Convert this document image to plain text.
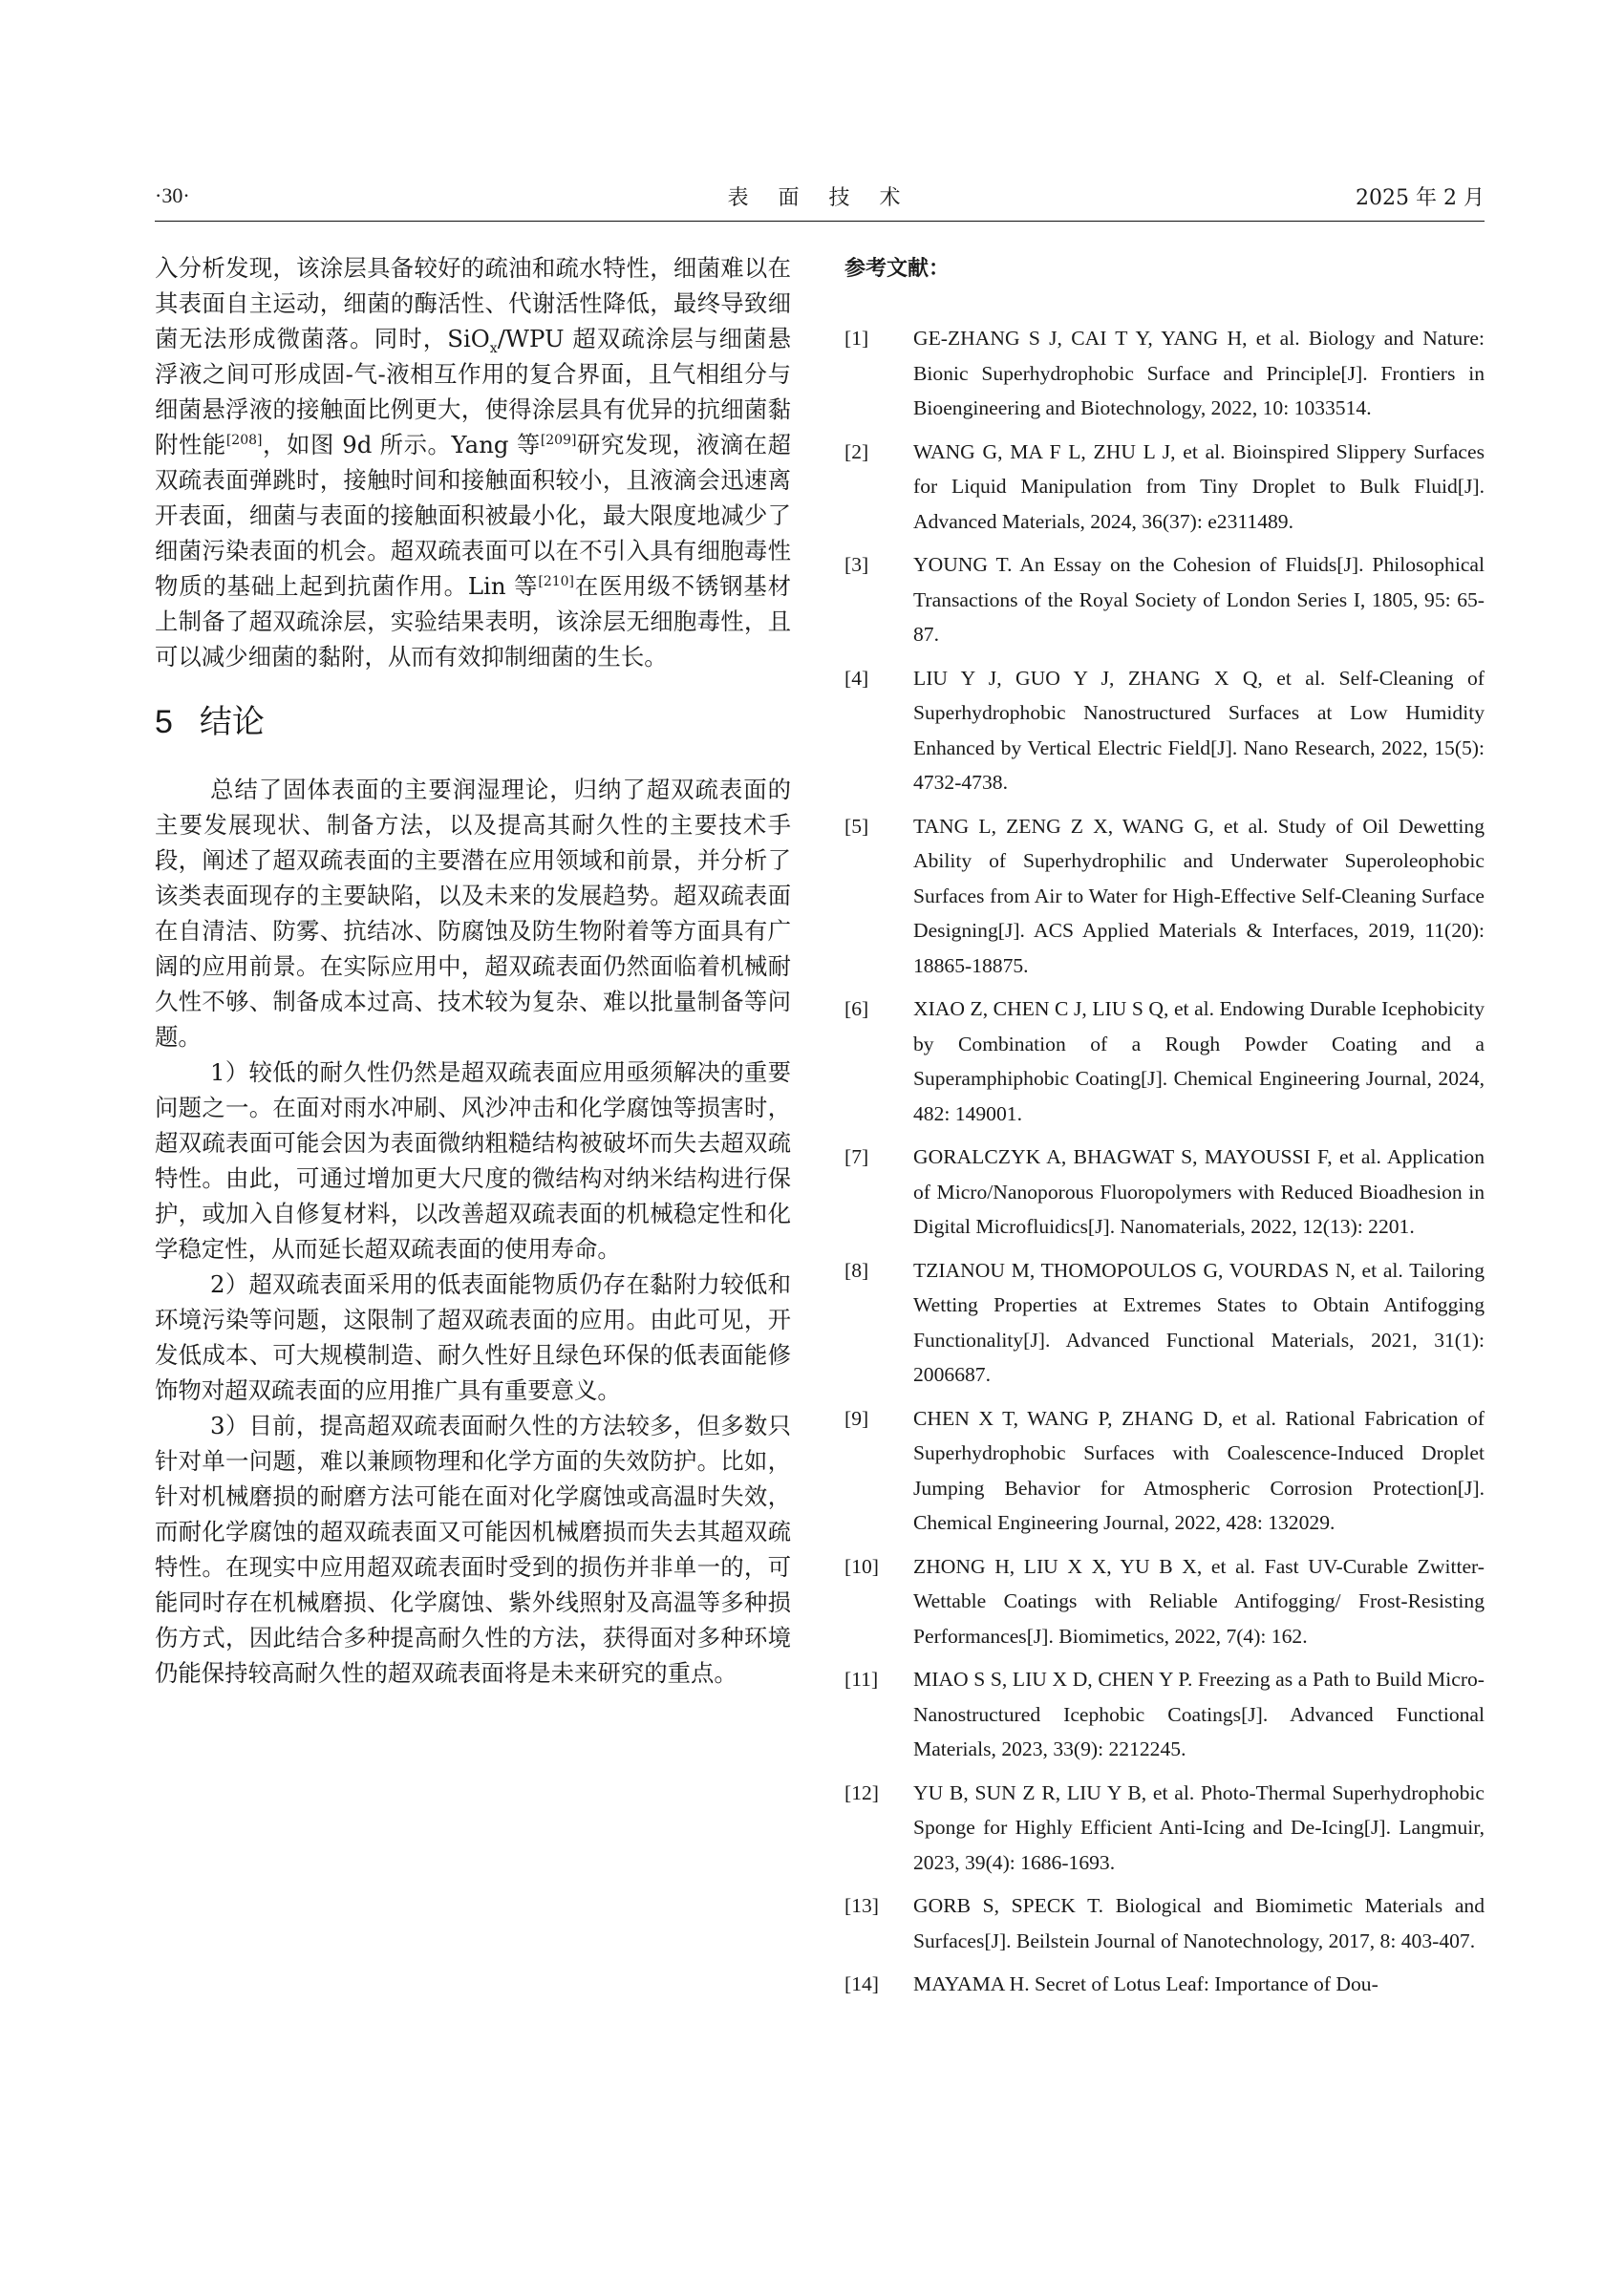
·30·	表 面 技 术	2025 年 2 月

入分析发现，该涂层具备较好的疏油和疏水特性，细菌难以在其表面自主运动，细菌的酶活性、代谢活性降低，最终导致细菌无法形成微菌落。同时，SiO$_x$/WPU 超双疏涂层与细菌悬浮液之间可形成固-气-液相互作用的复合界面，且气相组分与细菌悬浮液的接触面比例更大，使得涂层具有优异的抗细菌黏附性能[208]，如图 9d 所示。Yang 等[209]研究发现，液滴在超双疏表面弹跳时，接触时间和接触面积较小，且液滴会迅速离开表面，细菌与表面的接触面积被最小化，最大限度地减少了细菌污染表面的机会。超双疏表面可以在不引入具有细胞毒性物质的基础上起到抗菌作用。Lin 等[210]在医用级不锈钢基材上制备了超双疏涂层，实验结果表明，该涂层无细胞毒性，且可以减少细菌的黏附，从而有效抑制细菌的生长。

5 结论

总结了固体表面的主要润湿理论，归纳了超双疏表面的主要发展现状、制备方法，以及提高其耐久性的主要技术手段，阐述了超双疏表面的主要潜在应用领域和前景，并分析了该类表面现存的主要缺陷，以及未来的发展趋势。超双疏表面在自清洁、防雾、抗结冰、防腐蚀及防生物附着等方面具有广阔的应用前景。在实际应用中，超双疏表面仍然面临着机械耐久性不够、制备成本过高、技术较为复杂、难以批量制备等问题。

1）较低的耐久性仍然是超双疏表面应用亟须解决的重要问题之一。在面对雨水冲刷、风沙冲击和化学腐蚀等损害时，超双疏表面可能会因为表面微纳粗糙结构被破坏而失去超双疏特性。由此，可通过增加更大尺度的微结构对纳米结构进行保护，或加入自修复材料，以改善超双疏表面的机械稳定性和化学稳定性，从而延长超双疏表面的使用寿命。

2）超双疏表面采用的低表面能物质仍存在黏附力较低和环境污染等问题，这限制了超双疏表面的应用。由此可见，开发低成本、可大规模制造、耐久性好且绿色环保的低表面能修饰物对超双疏表面的应用推广具有重要意义。

3）目前，提高超双疏表面耐久性的方法较多，但多数只针对单一问题，难以兼顾物理和化学方面的失效防护。比如，针对机械磨损的耐磨方法可能在面对化学腐蚀或高温时失效，而耐化学腐蚀的超双疏表面又可能因机械磨损而失去其超双疏特性。在现实中应用超双疏表面时受到的损伤并非单一的，可能同时存在机械磨损、化学腐蚀、紫外线照射及高温等多种损伤方式，因此结合多种提高耐久性的方法，获得面对多种环境仍能保持较高耐久性的超双疏表面将是未来研究的重点。

参考文献：
[1] GE-ZHANG S J, CAI T Y, YANG H, et al. Biology and Nature: Bionic Superhydrophobic Surface and Principle[J]. Frontiers in Bioengineering and Biotechnology, 2022, 10: 1033514.
[2] WANG G, MA F L, ZHU L J, et al. Bioinspired Slippery Surfaces for Liquid Manipulation from Tiny Droplet to Bulk Fluid[J]. Advanced Materials, 2024, 36(37): e2311489.
[3] YOUNG T. An Essay on the Cohesion of Fluids[J]. Philosophical Transactions of the Royal Society of London Series I, 1805, 95: 65-87.
[4] LIU Y J, GUO Y J, ZHANG X Q, et al. Self-Cleaning of Superhydrophobic Nanostructured Surfaces at Low Humidity Enhanced by Vertical Electric Field[J]. Nano Research, 2022, 15(5): 4732-4738.
[5] TANG L, ZENG Z X, WANG G, et al. Study of Oil Dewetting Ability of Superhydrophilic and Underwater Superoleophobic Surfaces from Air to Water for High-Effective Self-Cleaning Surface Designing[J]. ACS Applied Materials & Interfaces, 2019, 11(20): 18865-18875.
[6] XIAO Z, CHEN C J, LIU S Q, et al. Endowing Durable Icephobicity by Combination of a Rough Powder Coating and a Superamphiphobic Coating[J]. Chemical Engineering Journal, 2024, 482: 149001.
[7] GORALCZYK A, BHAGWAT S, MAYOUSSI F, et al. Application of Micro/Nanoporous Fluoropolymers with Reduced Bioadhesion in Digital Microfluidics[J]. Nanomaterials, 2022, 12(13): 2201.
[8] TZIANOU M, THOMOPOULOS G, VOURDAS N, et al. Tailoring Wetting Properties at Extremes States to Obtain Antifogging Functionality[J]. Advanced Functional Materials, 2021, 31(1): 2006687.
[9] CHEN X T, WANG P, ZHANG D, et al. Rational Fabrication of Superhydrophobic Surfaces with Coalescence-Induced Droplet Jumping Behavior for Atmospheric Corrosion Protection[J]. Chemical Engineering Journal, 2022, 428: 132029.
[10] ZHONG H, LIU X X, YU B X, et al. Fast UV-Curable Zwitter-Wettable Coatings with Reliable Antifogging/ Frost-Resisting Performances[J]. Biomimetics, 2022, 7(4): 162.
[11] MIAO S S, LIU X D, CHEN Y P. Freezing as a Path to Build Micro-Nanostructured Icephobic Coatings[J]. Advanced Functional Materials, 2023, 33(9): 2212245.
[12] YU B, SUN Z R, LIU Y B, et al. Photo-Thermal Superhydrophobic Sponge for Highly Efficient Anti-Icing and De-Icing[J]. Langmuir, 2023, 39(4): 1686-1693.
[13] GORB S, SPECK T. Biological and Biomimetic Materials and Surfaces[J]. Beilstein Journal of Nanotechnology, 2017, 8: 403-407.
[14] MAYAMA H. Secret of Lotus Leaf: Importance of Dou-
